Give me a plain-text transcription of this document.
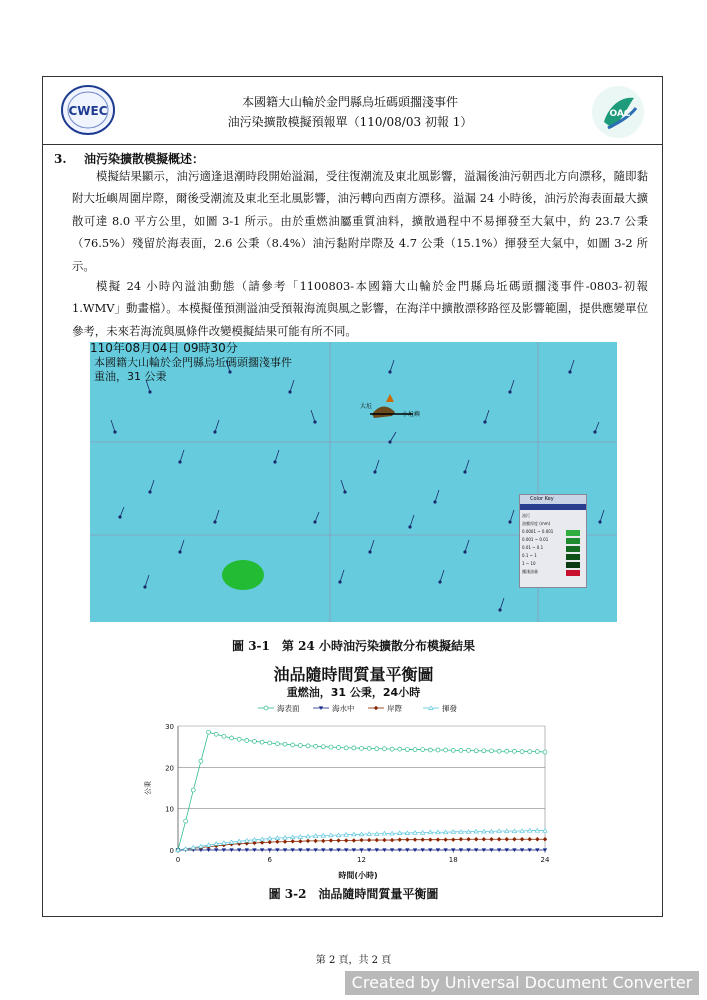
CWEC	OAC
本國籍大山輪於金門縣烏坵碼頭擱淺事件
油污染擴散模擬預報單（110/08/03 初報 1）
3. 油污染擴散模擬概述：
模擬結果顯示，油污適逢退潮時段開始溢漏，受往復潮流及東北風影響，溢漏後油污朝西北方向漂移，隨即黏附大坵嶼周圍岸際，爾後受潮流及東北至北風影響，油污轉向西南方漂移。溢漏 24 小時後，油污於海表面最大擴散可達 8.0 平方公里，如圖 3-1 所示。由於重燃油屬重質油料，擴散過程中不易揮發至大氣中，約 23.7 公秉（76.5%）殘留於海表面，2.6 公秉（8.4%）油污黏附岸際及 4.7 公秉（15.1%）揮發至大氣中，如圖 3-2 所示。
模擬 24 小時內溢油動態（請參考「1100803-本國籍大山輪於金門縣烏坵碼頭擱淺事件-0803-初報 1.WMV」動畫檔）。本模擬僅預測溢油受預報海流與風之影響，在海洋中擴散漂移路徑及影響範圍，提供應變單位參考，未來若海流與風條件改變模擬結果可能有所不同。
大坵
小坵嶼
本國籍大山輪於金門縣烏坵碼頭擱淺事件
重油，31 公秉
Color Key
油污
油膜厚度 (mm)
0.0001 ~ 0.001
0.001 ~ 0.01
0.01 ~ 0.1
0.1 ~ 1
1 ~ 10
擱淺油量
110年08月04日 09時30分
圖 3-1　第 24 小時油污染擴散分布模擬結果
油品隨時間質量平衡圖
重燃油，31 公秉，24小時
海表面	海水中	岸際	揮發
0
10
20
30
0	6	12	18	24
時間(小時)
公秉
圖 3-2　油品隨時間質量平衡圖
第 2 頁，共 2 頁
Created by Universal Document Converter
